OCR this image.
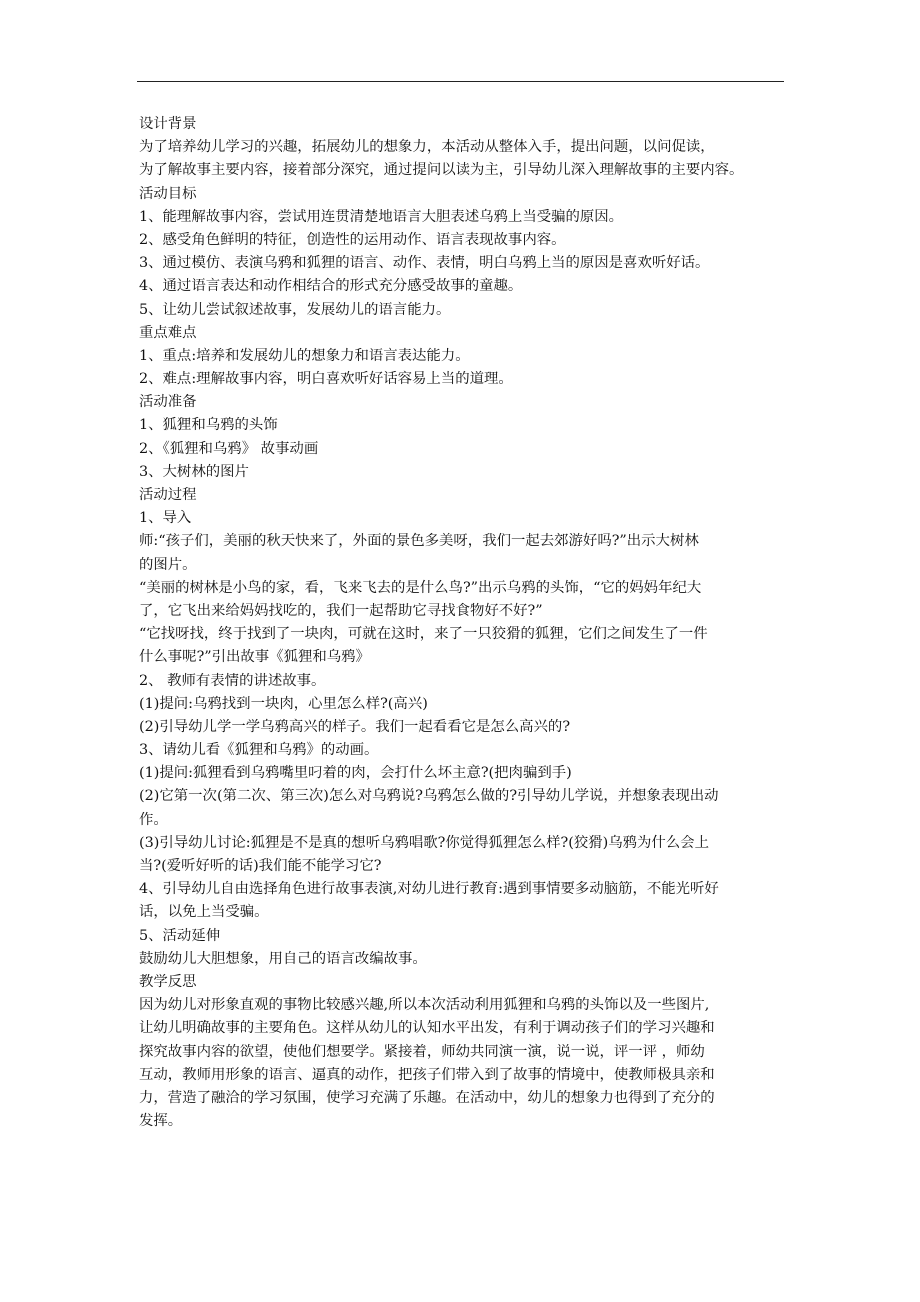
设计背景
为了培养幼儿学习的兴趣，拓展幼儿的想象力，本活动从整体入手，提出问题，以问促读，
为了解故事主要内容，接着部分深究，通过提问以读为主，引导幼儿深入理解故事的主要内容。
活动目标
1、能理解故事内容，尝试用连贯清楚地语言大胆表述乌鸦上当受骗的原因。
2、感受角色鲜明的特征，创造性的运用动作、语言表现故事内容。
3、通过模仿、表演乌鸦和狐狸的语言、动作、表情，明白乌鸦上当的原因是喜欢听好话。
4、通过语言表达和动作相结合的形式充分感受故事的童趣。
5、让幼儿尝试叙述故事，发展幼儿的语言能力。
重点难点
1、重点:培养和发展幼儿的想象力和语言表达能力。
2、难点:理解故事内容，明白喜欢听好话容易上当的道理。
活动准备
1、狐狸和乌鸦的头饰
2、《狐狸和乌鸦》 故事动画
3、大树林的图片
活动过程
1、导入
师:“孩子们，美丽的秋天快来了，外面的景色多美呀，我们一起去郊游好吗?”出示大树林
的图片。
“美丽的树林是小鸟的家，看，飞来飞去的是什么鸟?”出示乌鸦的头饰，“它的妈妈年纪大
了，它飞出来给妈妈找吃的，我们一起帮助它寻找食物好不好?”
“它找呀找，终于找到了一块肉，可就在这时，来了一只狡猾的狐狸，它们之间发生了一件
什么事呢?”引出故事《狐狸和乌鸦》
2、 教师有表情的讲述故事。
(1)提问:乌鸦找到一块肉，心里怎么样?(高兴)
(2)引导幼儿学一学乌鸦高兴的样子。我们一起看看它是怎么高兴的?
3、请幼儿看《狐狸和乌鸦》的动画。
(1)提问:狐狸看到乌鸦嘴里叼着的肉，会打什么坏主意?(把肉骗到手)
(2)它第一次(第二次、第三次)怎么对乌鸦说?乌鸦怎么做的?引导幼儿学说，并想象表现出动
作。
(3)引导幼儿讨论:狐狸是不是真的想听乌鸦唱歌?你觉得狐狸怎么样?(狡猾)乌鸦为什么会上
当?(爱听好听的话)我们能不能学习它?
4、引导幼儿自由选择角色进行故事表演,对幼儿进行教育:遇到事情要多动脑筋，不能光听好
话，以免上当受骗。
5、活动延伸
鼓励幼儿大胆想象，用自己的语言改编故事。
教学反思
因为幼儿对形象直观的事物比较感兴趣,所以本次活动利用狐狸和乌鸦的头饰以及一些图片,
让幼儿明确故事的主要角色。这样从幼儿的认知水平出发，有利于调动孩子们的学习兴趣和
探究故事内容的欲望，使他们想要学。紧接着，师幼共同演一演，说一说，评一评 ，师幼
互动，教师用形象的语言、逼真的动作，把孩子们带入到了故事的情境中，使教师极具亲和
力，营造了融洽的学习氛围，使学习充满了乐趣。在活动中，幼儿的想象力也得到了充分的
发挥。
